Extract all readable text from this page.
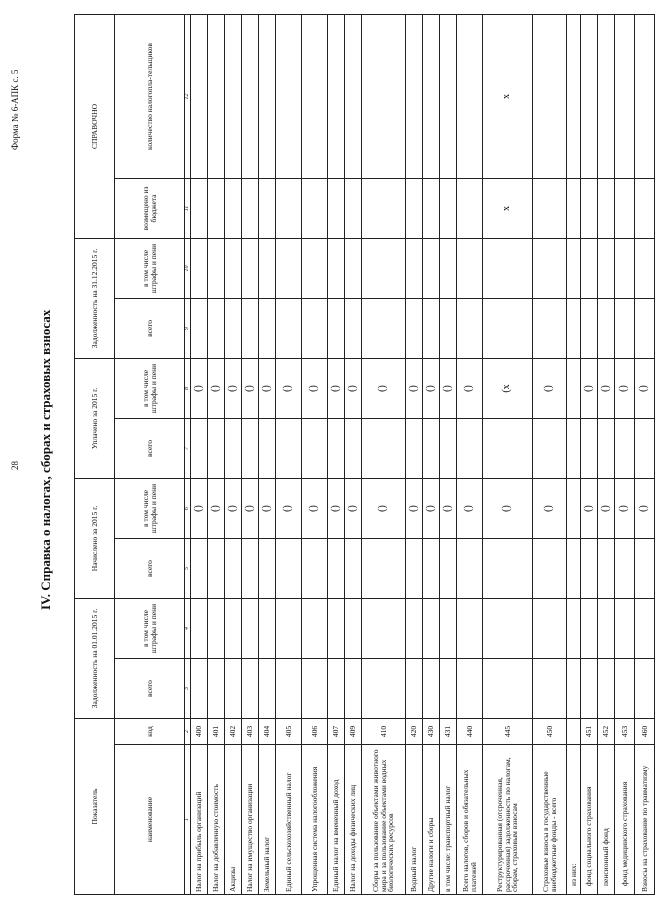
28
Форма № 6-АПК с. 5
IV. Справка о налогах, сборах и страховых взносах
Показатель		Задолженность на 01.01.2015 г.		Начислено за 2015 г.		Уплачено за 2015 г.		Задолженность на 31.12.2015 г.		СПРАВОЧНО	
наименование	код	всего	в том числе штрафы и пени	всего	в том числе штрафы и пени	всего	в том числе штрафы и пени	всего	в том числе штрафы и пени	возмещено из бюджета	количество налогопла-тельщиков
1	2	3	4	5	6	7	8	9	10	11	12
Налог на прибыль организаций	400				()		()				
Налог на добавленную стоимость	401				()		()				
Акцизы	402				()		()				
Налог на имущество организации	403				()		()				
Земельный налог	404				()		()				
Единый сельскохозяйственный налог	405				()		()				
Упрощенная система налогообложения	406				()		()				
Единый налог на вмененный доход	407				()		()				
Налог на доходы физических лиц	409				()		()				
Сборы за пользование объектами животного мира и за пользование объектами водных биологических ресурсов	410				()		()				
Водный налог	420				()		()				
Другие налоги и сборы	430				()		()				
в том числе: транспортный налог	431				()		()				
Всего налогов, сборов и обязательных платежей	440				()		()				
Реструктурированная (отсроченная, рассроченная) задолженность по налогам, сборам, страховым взносам	445				()		(x			x	x
Страховые взносы в государственные внебюджетные фонды - всего	450				()		()				
из них:											
фонд социального страхования	451				()		()				
пенсионный фонд	452				()		()				
фонд медицинского страхования	453				()		()				
Взносы на страхование по травматизму	460				()		()				
